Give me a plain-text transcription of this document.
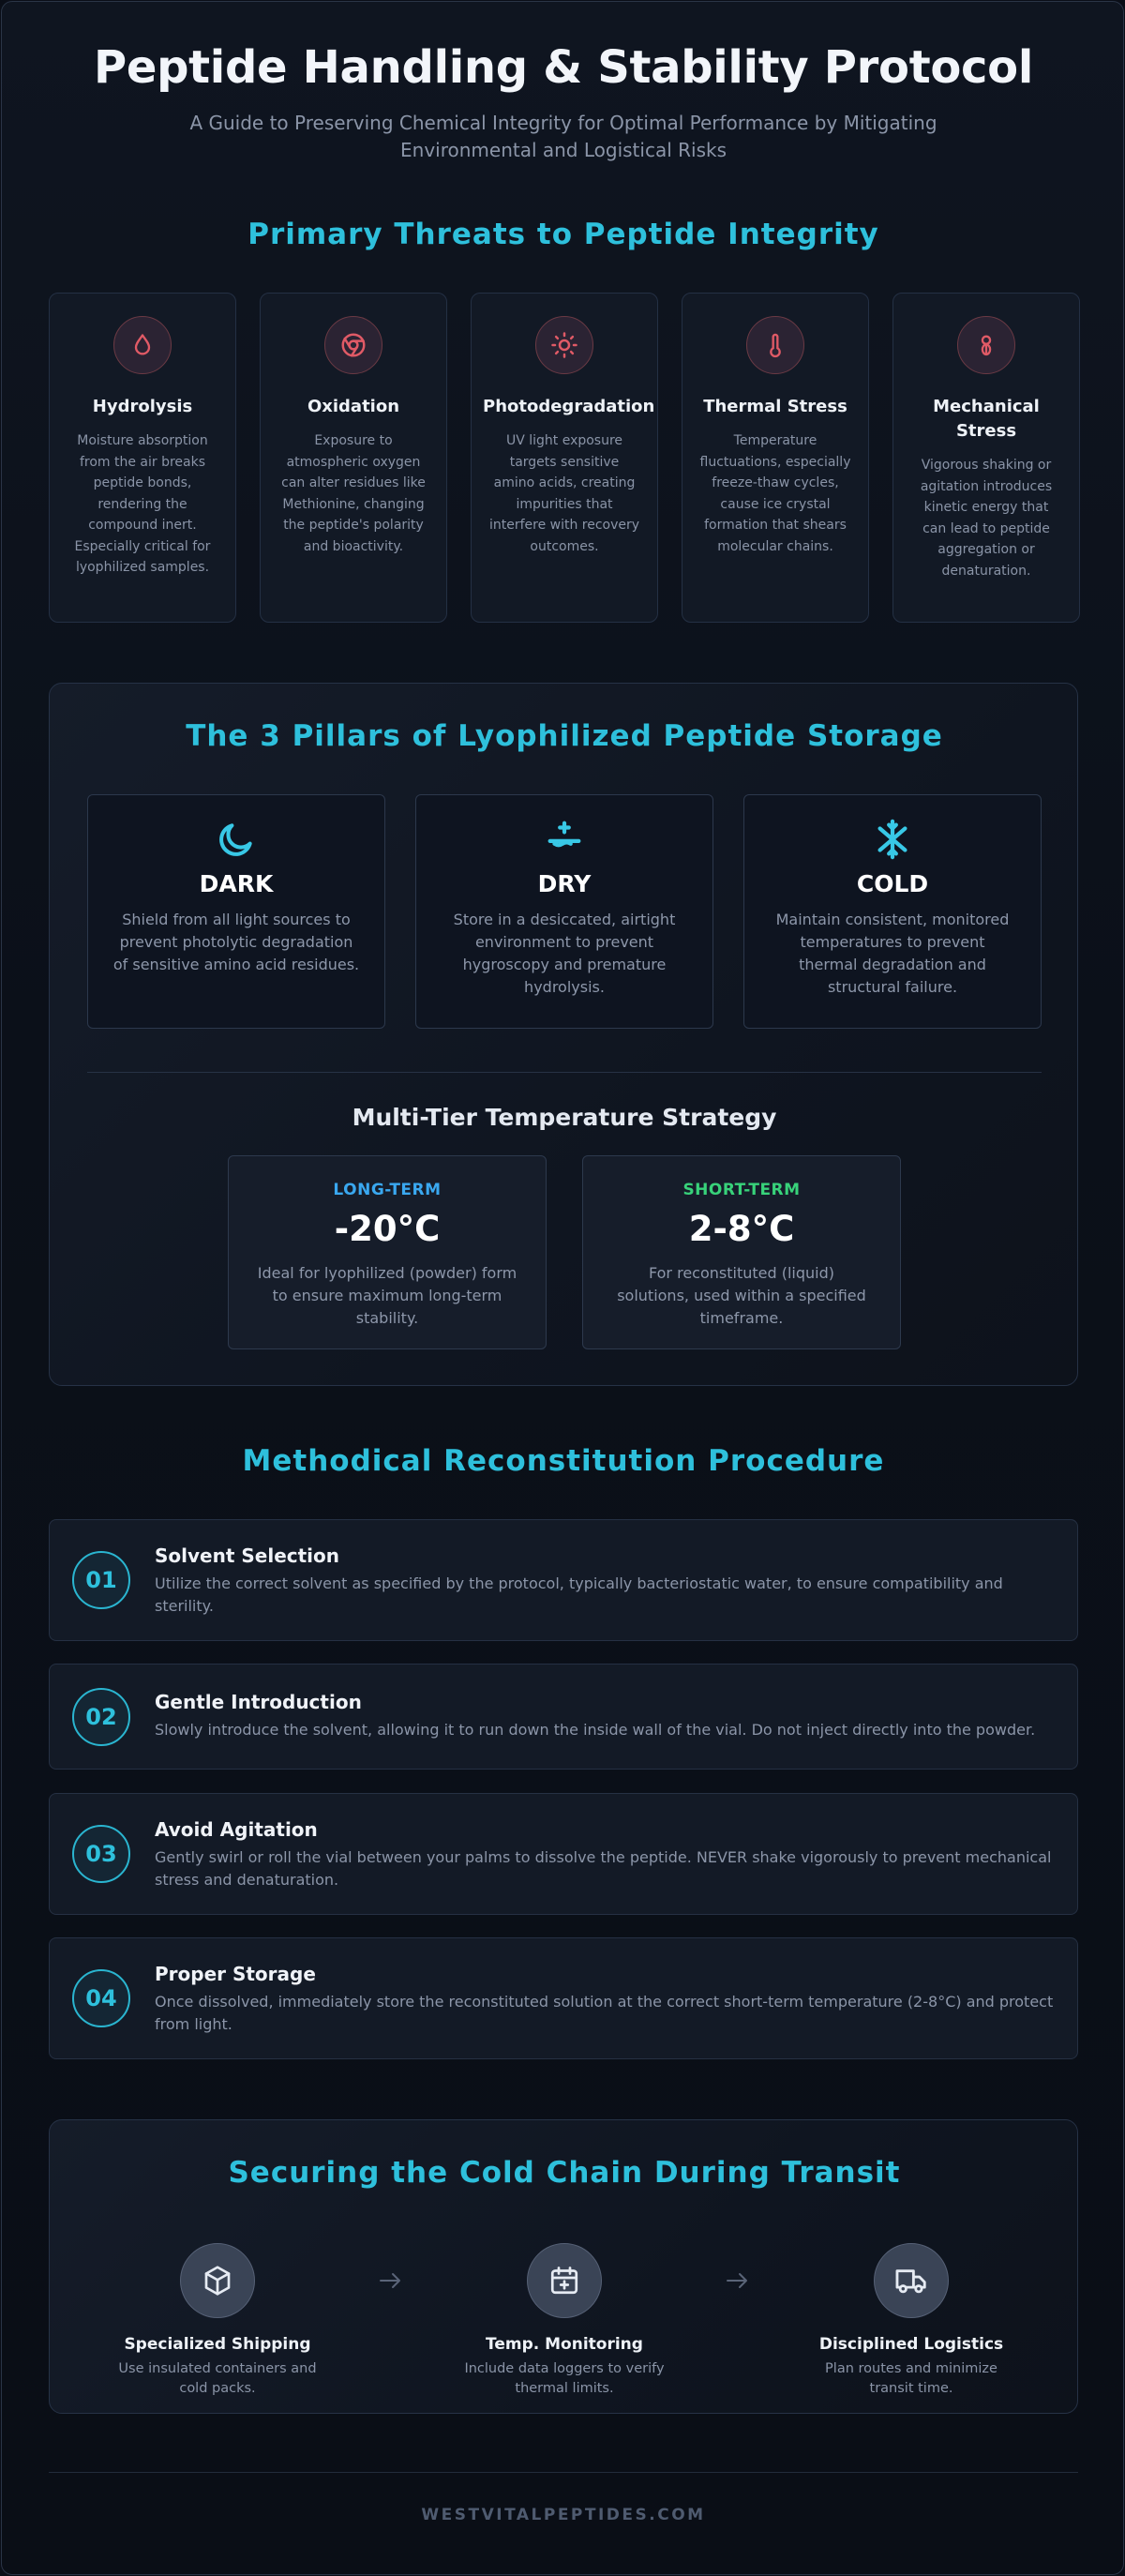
Peptide Handling & Stability Protocol

A Guide to Preserving Chemical Integrity for Optimal Performance by Mitigating Environmental and Logistical Risks

Primary Threats to Peptide Integrity
Hydrolysis
Moisture absorption from the air breaks peptide bonds, rendering the compound inert. Especially critical for lyophilized samples.
Oxidation
Exposure to atmospheric oxygen can alter residues like Methionine, changing the peptide's polarity and bioactivity.
Photodegradation
UV light exposure targets sensitive amino acids, creating impurities that interfere with recovery outcomes.
Thermal Stress
Temperature fluctuations, especially freeze-thaw cycles, cause ice crystal formation that shears molecular chains.
Mechanical Stress
Vigorous shaking or agitation introduces kinetic energy that can lead to peptide aggregation or denaturation.
The 3 Pillars of Lyophilized Peptide Storage
DARK
Shield from all light sources to prevent photolytic degradation of sensitive amino acid residues.
DRY
Store in a desiccated, airtight environment to prevent hygroscopy and premature hydrolysis.
COLD
Maintain consistent, monitored temperatures to prevent thermal degradation and structural failure.
Multi-Tier Temperature Strategy
LONG-TERM
-20°C
Ideal for lyophilized (powder) form to ensure maximum long-term stability.
SHORT-TERM
2-8°C
For reconstituted (liquid) solutions, used within a specified timeframe.
Methodical Reconstitution Procedure
01
Solvent Selection
Utilize the correct solvent as specified by the protocol, typically bacteriostatic water, to ensure compatibility and sterility.
02
Gentle Introduction
Slowly introduce the solvent, allowing it to run down the inside wall of the vial. Do not inject directly into the powder.
03
Avoid Agitation
Gently swirl or roll the vial between your palms to dissolve the peptide. NEVER shake vigorously to prevent mechanical stress and denaturation.
04
Proper Storage
Once dissolved, immediately store the reconstituted solution at the correct short-term temperature (2-8°C) and protect from light.
Securing the Cold Chain During Transit
Specialized Shipping
Use insulated containers and cold packs.
Temp. Monitoring
Include data loggers to verify thermal limits.
Disciplined Logistics
Plan routes and minimize transit time.
WESTVITALPEPTIDES.COM
